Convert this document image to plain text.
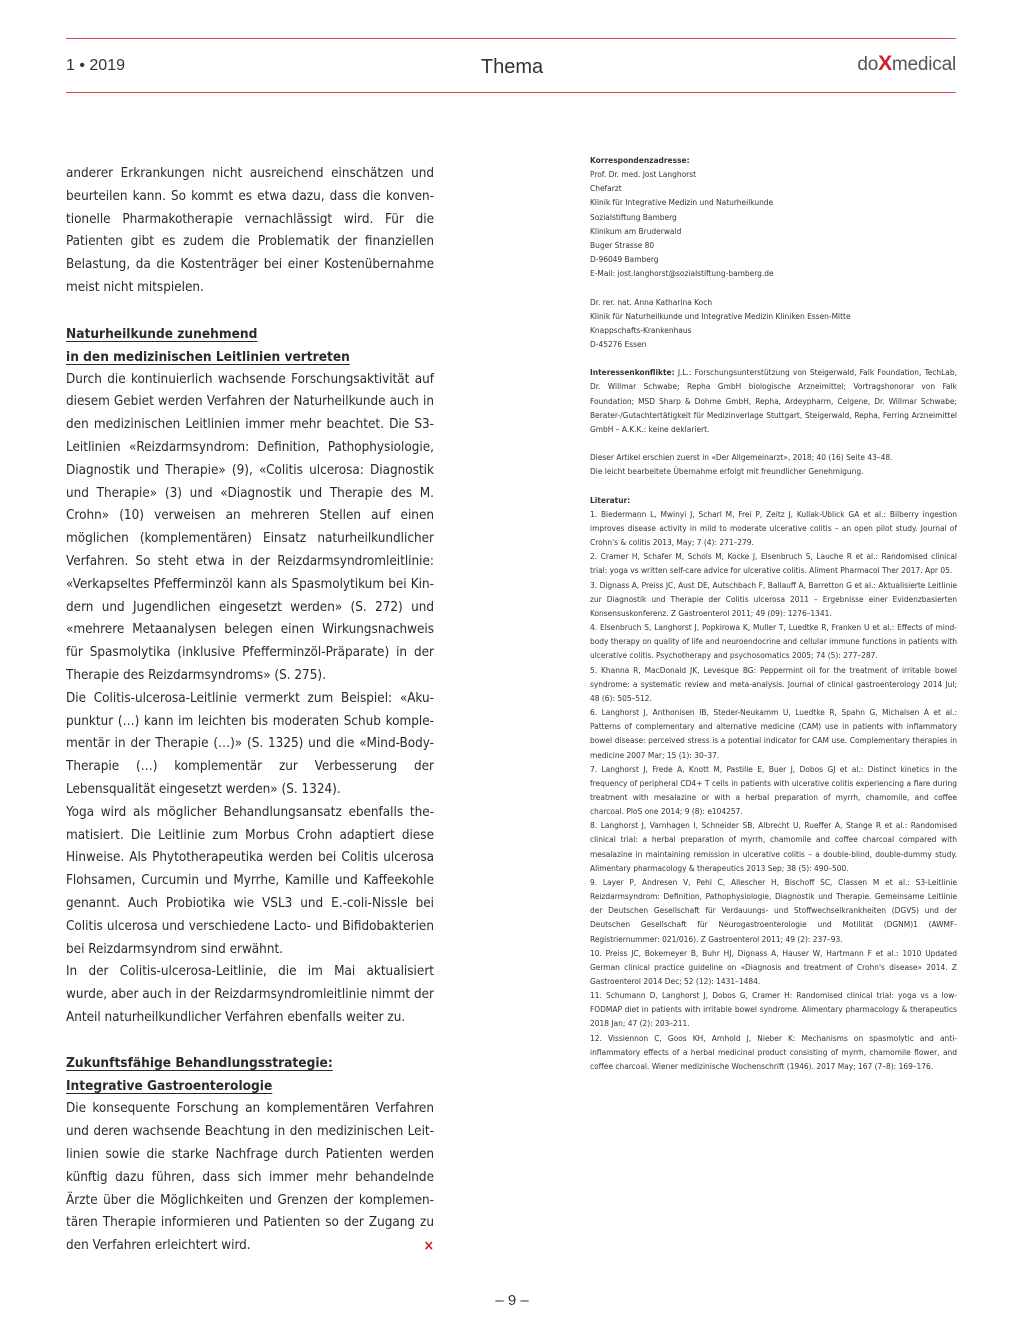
1 • 2019	Thema	doXmedical

anderer Erkrankungen nicht ausreichend einschätzen und beurteilen kann. So kommt es etwa dazu, dass die konventionelle Pharmakotherapie vernachlässigt wird. Für die Patienten gibt es zudem die Problematik der finanziellen Belastung, da die Kostenträger bei einer Kostenübernahme meist nicht mitspielen.

Naturheilkunde zunehmend
in den medizinischen Leitlinien vertreten

Durch die kontinuierlich wachsende Forschungsaktivität auf diesem Gebiet werden Verfahren der Naturheilkunde auch in den medizinischen Leitlinien immer mehr beachtet. Die S3-Leitlinien «Reizdarmsyndrom: Definition, Pathophysiologie, Diagnostik und Therapie» (9), «Colitis ulcerosa: Diagnostik und Therapie» (3) und «Diagnostik und Therapie des M. Crohn» (10) verweisen an mehreren Stellen auf einen möglichen (komplementären) Einsatz naturheilkundlicher Verfahren. So steht etwa in der Reizdarmsyndromleitlinie: «Verkapseltes Pfefferminzöl kann als Spasmolytikum bei Kindern und Jugendlichen eingesetzt werden» (S. 272) und «mehrere Metaanalysen belegen einen Wirkungsnachweis für Spasmolytika (inklusive Pfefferminzöl-Präparate) in der Therapie des Reizdarmsyndroms» (S. 275).

Die Colitis-ulcerosa-Leitlinie vermerkt zum Beispiel: «Akupunktur (…) kann im leichten bis moderaten Schub komplementär in der Therapie (…)» (S. 1325) und die «Mind-Body-Therapie (…) komplementär zur Verbesserung der Lebensqualität eingesetzt werden» (S. 1324).

Yoga wird als möglicher Behandlungsansatz ebenfalls thematisiert. Die Leitlinie zum Morbus Crohn adaptiert diese Hinweise. Als Phytotherapeutika werden bei Colitis ulcerosa Flohsamen, Curcumin und Myrrhe, Kamille und Kaffeekohle genannt. Auch Probiotika wie VSL3 und E.-coli-Nissle bei Colitis ulcerosa und verschiedene Lacto- und Bifidobakterien bei Reizdarmsyndrom sind erwähnt.

In der Colitis-ulcerosa-Leitlinie, die im Mai aktualisiert wurde, aber auch in der Reizdarmsyndromleitlinie nimmt der Anteil naturheilkundlicher Verfahren ebenfalls weiter zu.

Zukunftsfähige Behandlungsstrategie:
Integrative Gastroenterologie

Die konsequente Forschung an komplementären Verfahren und deren wachsende Beachtung in den medizinischen Leitlinien sowie die starke Nachfrage durch Patienten werden künftig dazu führen, dass sich immer mehr behandelnde Ärzte über die Möglichkeiten und Grenzen der komplementären Therapie informieren und Patienten so der Zugang zu den Verfahren erleichtert wird.	×

Korrespondenzadresse:
Prof. Dr. med. Jost Langhorst
Chefarzt
Klinik für Integrative Medizin und Naturheilkunde
Sozialstiftung Bamberg
Klinikum am Bruderwald
Buger Strasse 80
D-96049 Bamberg
E-Mail: jost.langhorst@sozialstiftung-bamberg.de
Dr. rer. nat. Anna Katharina Koch
Klinik für Naturheilkunde und Integrative Medizin Kliniken Essen-Mitte
Knappschafts-Krankenhaus
D-45276 Essen
Interessenkonflikte: J.L.: Forschungsunterstützung von Steigerwald, Falk Foundation, TechLab, Dr. Willmar Schwabe; Repha GmbH biologische Arzneimittel; Vortragshonorar von Falk Foundation; MSD Sharp & Dohme GmbH, Repha, Ardeypharm, Celgene, Dr. Willmar Schwabe; Berater-/Gutachtertätigkeit für Medizinverlage Stuttgart, Steigerwald, Repha, Ferring Arzneimittel GmbH – A.K.K.: keine deklariert.
Dieser Artikel erschien zuerst in «Der Allgemeinarzt», 2018; 40 (16) Seite 43–48.
Die leicht bearbeitete Übernahme erfolgt mit freundlicher Genehmigung.
Literatur:
1. Biedermann L, Mwinyi J, Scharl M, Frei P, Zeitz J, Kullak-Ublick GA et al.: Bilberry ingestion improves disease activity in mild to moderate ulcerative colitis – an open pilot study. Journal of Crohn's & colitis 2013, May; 7 (4): 271–279.
2. Cramer H, Schafer M, Schols M, Kocke J, Elsenbruch S, Lauche R et al.: Randomised clinical trial: yoga vs written self-care advice for ulcerative colitis. Aliment Pharmacol Ther 2017. Apr 05.
3. Dignass A, Preiss JC, Aust DE, Autschbach F, Ballauff A, Barretton G et al.: Aktualisierte Leitlinie zur Diagnostik und Therapie der Colitis ulcerosa 2011 – Ergebnisse einer Evidenzbasierten Konsensuskonferenz. Z Gastroenterol 2011; 49 (09): 1276–1341.
4. Elsenbruch S, Langhorst J, Popkirowa K, Muller T, Luedtke R, Franken U et al.: Effects of mind-body therapy on quality of life and neuroendocrine and cellular immune functions in patients with ulcerative colitis. Psychotherapy and psychosomatics 2005; 74 (5): 277–287.
5. Khanna R, MacDonald JK, Levesque BG: Peppermint oil for the treatment of irritable bowel syndrome: a systematic review and meta-analysis. Journal of clinical gastroenterology 2014 Jul; 48 (6): 505–512.
6. Langhorst J, Anthonisen IB, Steder-Neukamm U, Luedtke R, Spahn G, Michalsen A et al.: Patterns of complementary and alternative medicine (CAM) use in patients with inflammatory bowel disease: perceived stress is a potential indicator for CAM use. Complementary therapies in medicine 2007 Mar; 15 (1): 30–37.
7. Langhorst J, Frede A, Knott M, Pastille E, Buer J, Dobos GJ et al.: Distinct kinetics in the frequency of peripheral CD4+ T cells in patients with ulcerative colitis experiencing a flare during treatment with mesalazine or with a herbal preparation of myrrh, chamomile, and coffee charcoal. PloS one 2014; 9 (8): e104257.
8. Langhorst J, Varnhagen I, Schneider SB, Albrecht U, Rueffer A, Stange R et al.: Randomised clinical trial: a herbal preparation of myrrh, chamomile and coffee charcoal compared with mesalazine in maintaining remission in ulcerative colitis – a double-blind, double-dummy study. Alimentary pharmacology & therapeutics 2013 Sep; 38 (5): 490–500.
9. Layer P, Andresen V, Pehl C, Allescher H, Bischoff SC, Classen M et al.: S3-Leitlinie Reizdarmsyndrom: Definition, Pathophysiologie, Diagnostik und Therapie. Gemeinsame Leitlinie der Deutschen Gesellschaft für Verdauungs- und Stoffwechselkrankheiten (DGVS) und der Deutschen Gesellschaft für Neurogastroenterologie und Motilität (DGNM)1 (AWMF-Registriernummer: 021/016). Z Gastroenterol 2011; 49 (2): 237–93.
10. Preiss JC, Bokemeyer B, Buhr HJ, Dignass A, Hauser W, Hartmann F et al.: 1010 Updated German clinical practice guideline on «Diagnosis and treatment of Crohn's disease» 2014. Z Gastroenterol 2014 Dec; 52 (12): 1431–1484.
11. Schumann D, Langhorst J, Dobos G, Cramer H: Randomised clinical trial: yoga vs a low-FODMAP diet in patients with irritable bowel syndrome. Alimentary pharmacology & therapeutics 2018 Jan; 47 (2): 203–211.
12. Vissiennon C, Goos KH, Arnhold J, Nieber K: Mechanisms on spasmolytic and anti-inflammatory effects of a herbal medicinal product consisting of myrrh, chamomile flower, and coffee charcoal. Wiener medizinische Wochenschrift (1946). 2017 May; 167 (7–8): 169–176.
– 9 –
